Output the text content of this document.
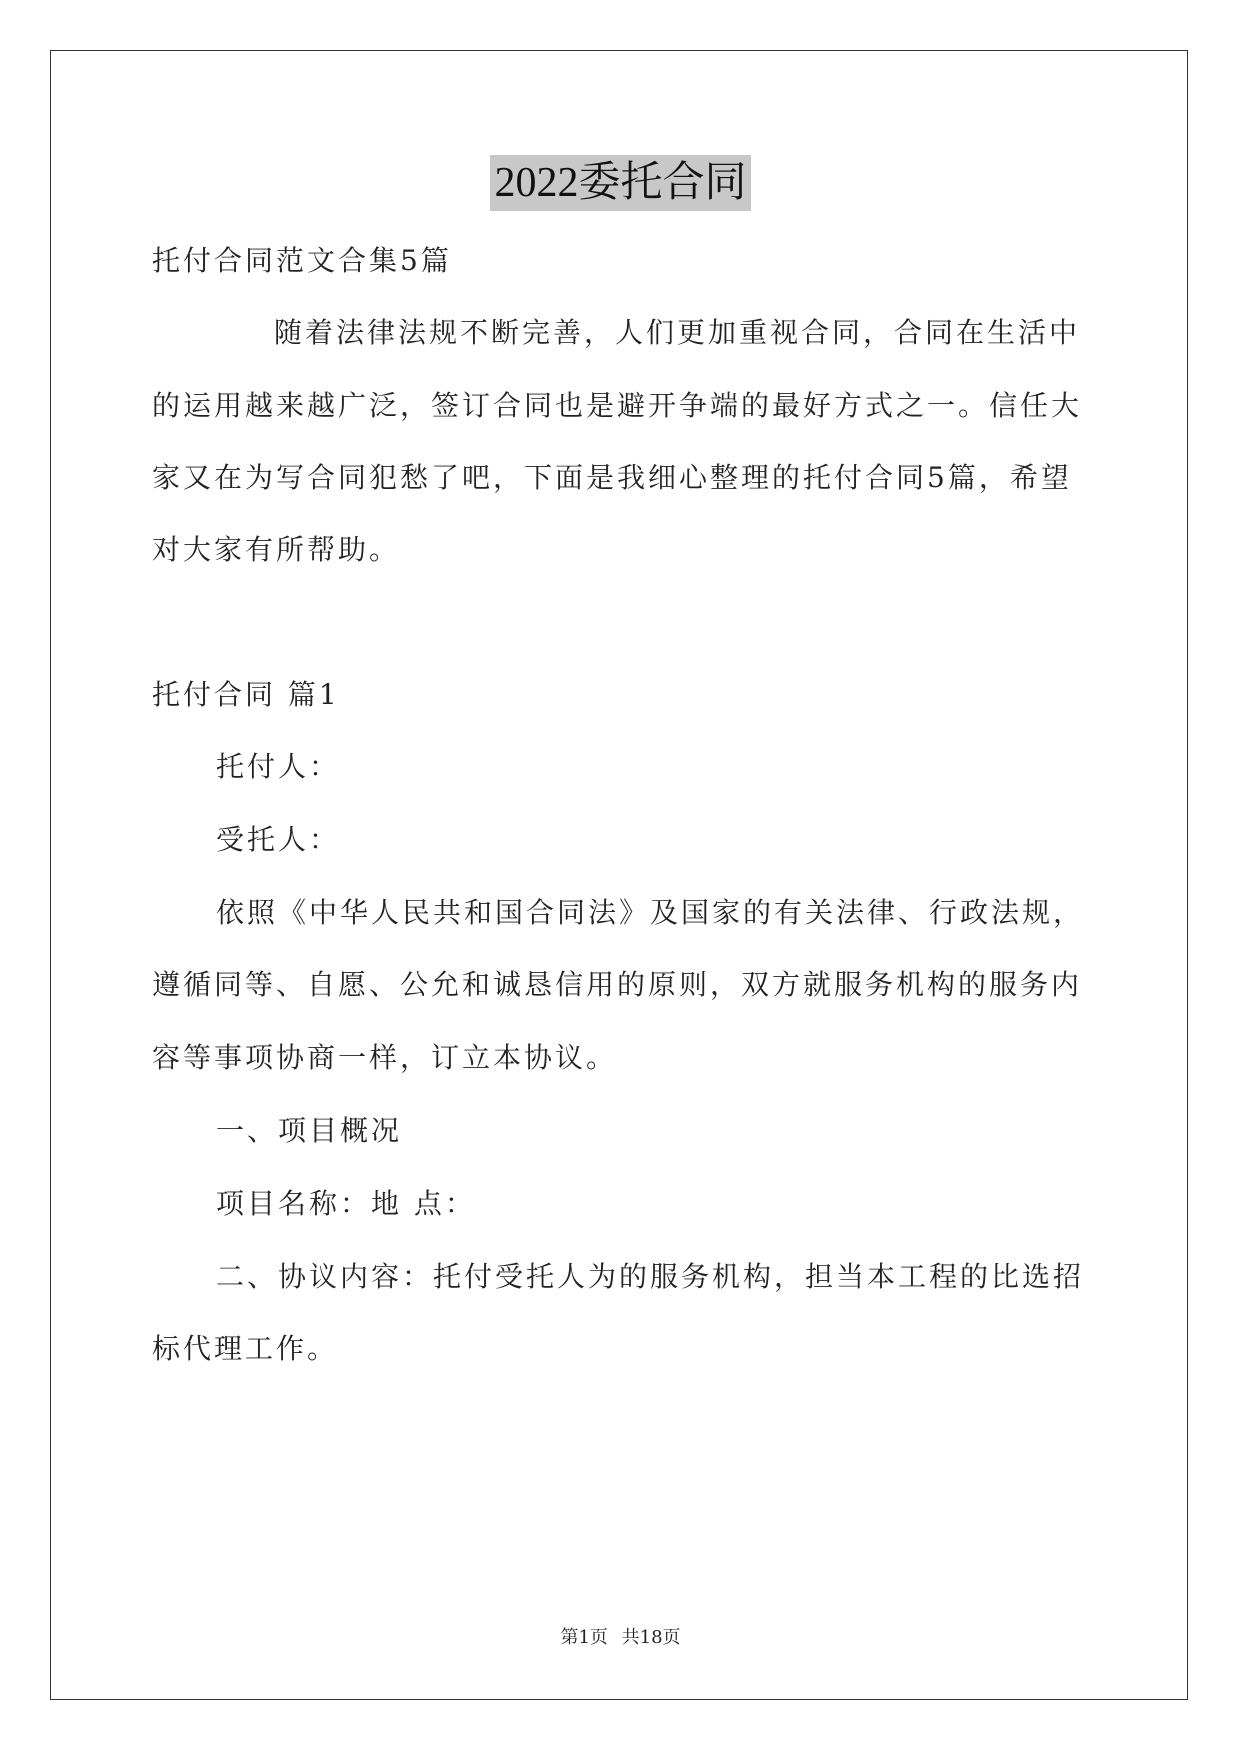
2022委托合同
托付合同范文合集5篇
随着法律法规不断完善，人们更加重视合同，合同在生活中
的运用越来越广泛，签订合同也是避开争端的最好方式之一。信任大
家又在为写合同犯愁了吧，下面是我细心整理的托付合同5篇，希望
对大家有所帮助。
托付合同 篇1
托付人：
受托人：
依照《中华人民共和国合同法》及国家的有关法律、行政法规，
遵循同等、自愿、公允和诚恳信用的原则，双方就服务机构的服务内
容等事项协商一样，订立本协议。
一、项目概况
项目名称：地 点：
二、协议内容：托付受托人为的服务机构，担当本工程的比选招
标代理工作。
第1页 共18页
